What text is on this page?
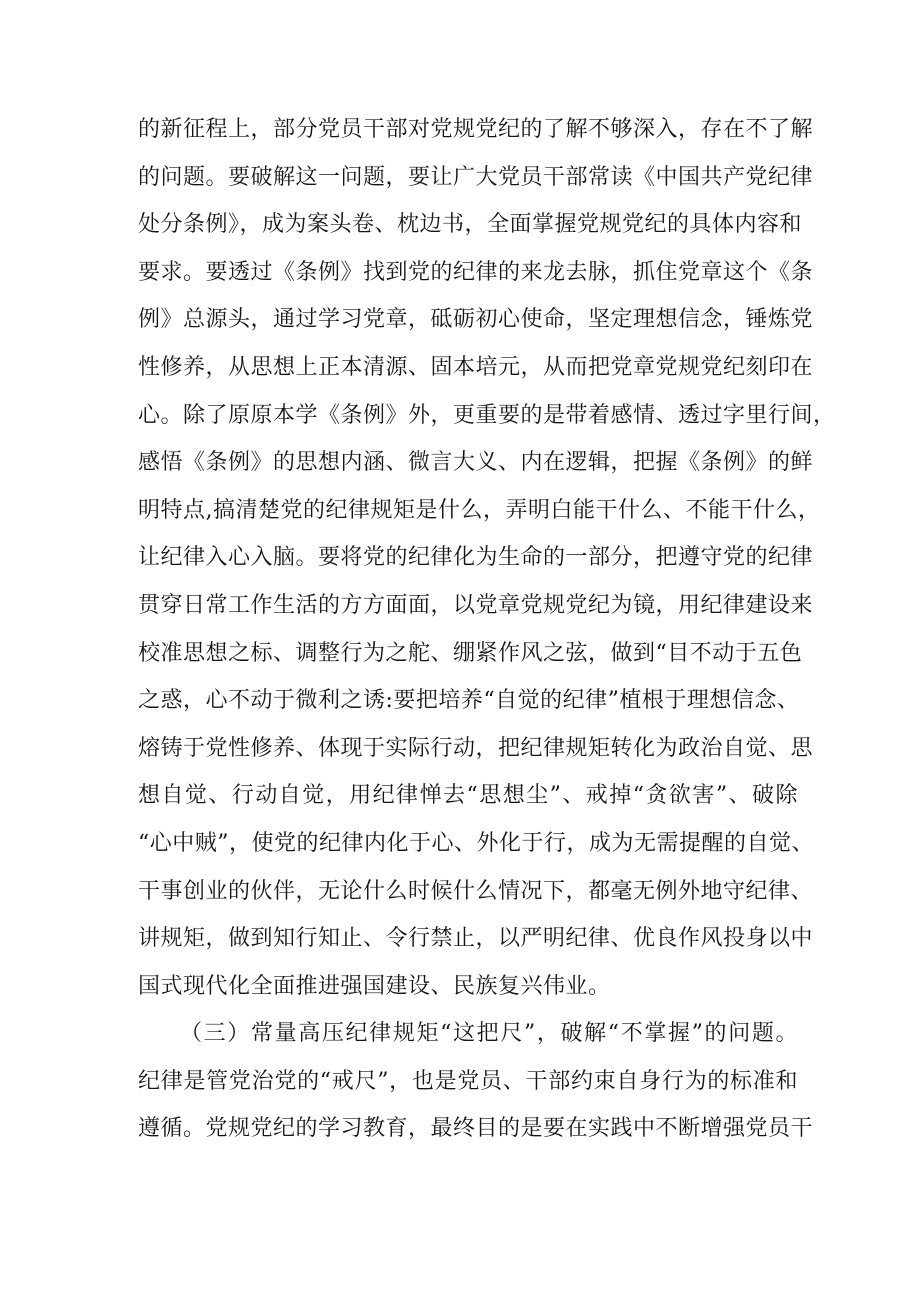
的新征程上，部分党员干部对党规党纪的了解不够深入，存在不了解
的问题。要破解这一问题，要让广大党员干部常读《中国共产党纪律
处分条例》，成为案头卷、枕边书，全面掌握党规党纪的具体内容和
要求。要透过《条例》找到党的纪律的来龙去脉，抓住党章这个《条
例》总源头，通过学习党章，砥砺初心使命，坚定理想信念，锤炼党
性修养，从思想上正本清源、固本培元，从而把党章党规党纪刻印在
心。除了原原本学《条例》外，更重要的是带着感情、透过字里行间，
感悟《条例》的思想内涵、微言大义、内在逻辑，把握《条例》的鲜
明特点,搞清楚党的纪律规矩是什么，弄明白能干什么、不能干什么，
让纪律入心入脑。要将党的纪律化为生命的一部分，把遵守党的纪律
贯穿日常工作生活的方方面面，以党章党规党纪为镜，用纪律建设来
校准思想之标、调整行为之舵、绷紧作风之弦，做到“目不动于五色
之惑，心不动于微利之诱:要把培养“自觉的纪律”植根于理想信念、
熔铸于党性修养、体现于实际行动，把纪律规矩转化为政治自觉、思
想自觉、行动自觉，用纪律惮去“思想尘”、戒掉“贪欲害”、破除
“心中贼”，使党的纪律内化于心、外化于行，成为无需提醒的自觉、
干事创业的伙伴，无论什么时候什么情况下，都毫无例外地守纪律、
讲规矩，做到知行知止、令行禁止，以严明纪律、优良作风投身以中
国式现代化全面推进强国建设、民族复兴伟业。
（三）常量高压纪律规矩“这把尺”，破解“不掌握”的问题。
纪律是管党治党的“戒尺”，也是党员、干部约束自身行为的标准和
遵循。党规党纪的学习教育，最终目的是要在实践中不断增强党员干
